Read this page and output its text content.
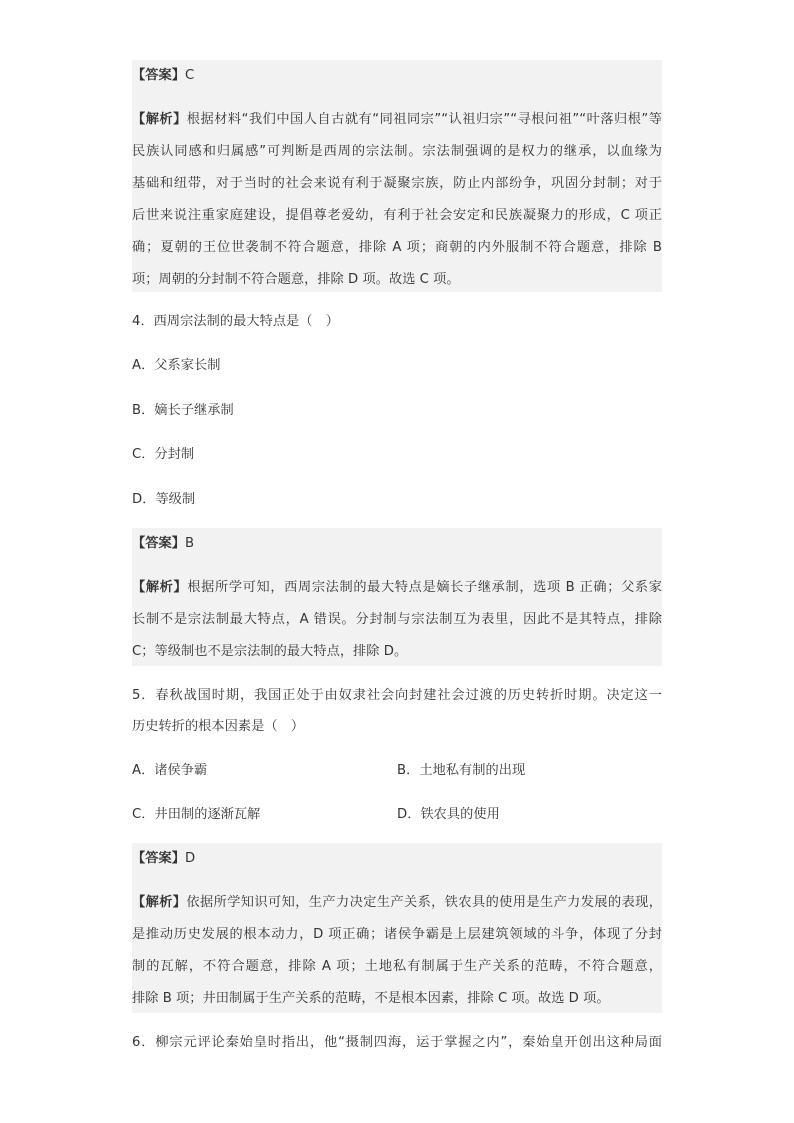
【答案】C
【解析】根据材料“我们中国人自古就有“同祖同宗”“认祖归宗”“寻根问祖”“叶落归根”等
民族认同感和归属感”可判断是西周的宗法制。宗法制强调的是权力的继承，以血缘为
基础和纽带，对于当时的社会来说有利于凝聚宗族，防止内部纷争，巩固分封制；对于
后世来说注重家庭建设，提倡尊老爱幼，有利于社会安定和民族凝聚力的形成，C 项正
确；夏朝的王位世袭制不符合题意，排除 A 项；商朝的内外服制不符合题意，排除 B
项；周朝的分封制不符合题意，排除 D 项。故选 C 项。
4．西周宗法制的最大特点是（　）
A．父系家长制
B．嫡长子继承制
C．分封制
D．等级制
【答案】B
【解析】根据所学可知，西周宗法制的最大特点是嫡长子继承制，选项 B 正确；父系家
长制不是宗法制最大特点，A 错误。分封制与宗法制互为表里，因此不是其特点，排除
C；等级制也不是宗法制的最大特点，排除 D。
5．春秋战国时期，我国正处于由奴隶社会向封建社会过渡的历史转折时期。决定这一
历史转折的根本因素是（　）
A．诸侯争霸	B．土地私有制的出现
C．井田制的逐渐瓦解	D．铁农具的使用
【答案】D
【解析】依据所学知识可知，生产力决定生产关系，铁农具的使用是生产力发展的表现，
是推动历史发展的根本动力，D 项正确；诸侯争霸是上层建筑领域的斗争，体现了分封
制的瓦解，不符合题意，排除 A 项；土地私有制属于生产关系的范畴，不符合题意，
排除 B 项；井田制属于生产关系的范畴，不是根本因素，排除 C 项。故选 D 项。
6．柳宗元评论秦始皇时指出，他“摄制四海，运于掌握之内”，秦始皇开创出这种局面
